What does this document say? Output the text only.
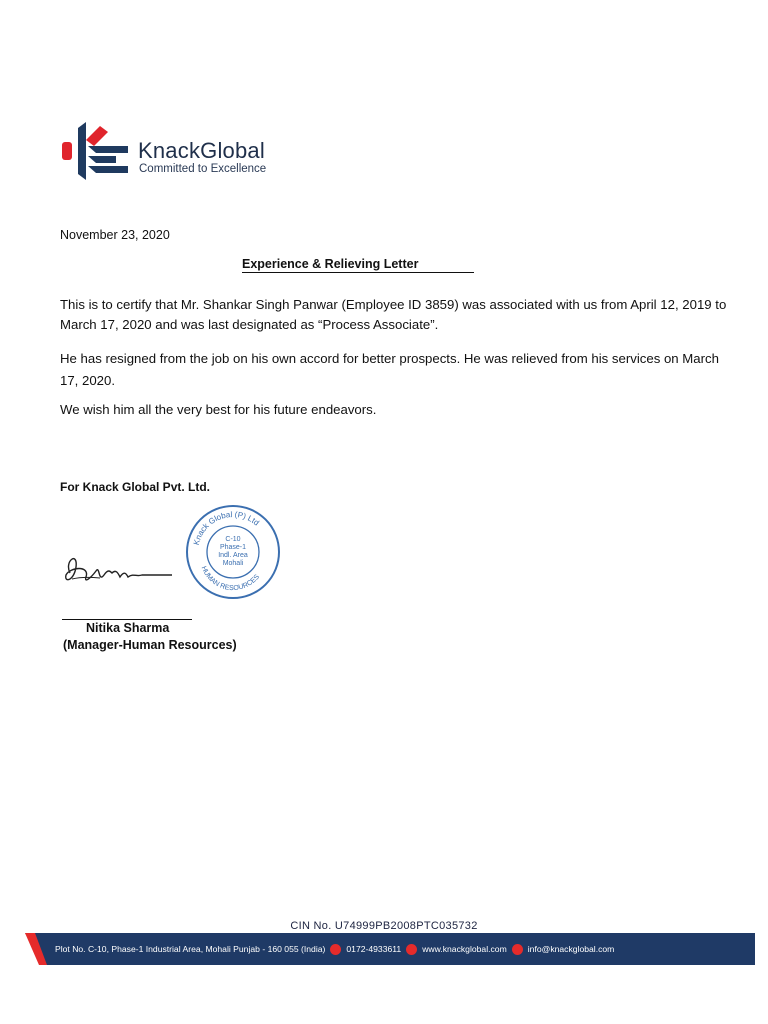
KnackGlobal
Committed to Excellence
November 23, 2020
Experience & Relieving Letter
This is to certify that Mr. Shankar Singh Panwar (Employee ID 3859) was associated with us from April 12, 2019 to March 17, 2020 and was last designated as “Process Associate”.
He has resigned from the job on his own accord for better prospects. He was relieved from his services on March 17, 2020.
We wish him all the very best for his future endeavors.
For Knack Global Pvt. Ltd.
Knack Global (P) Ltd
C-10
Phase-1
Indl. Area
Mohali
HUMAN RESOURCES
Nitika Sharma
(Manager-Human Resources)
CIN No. U74999PB2008PTC035732
Plot No. C-10, Phase-1 Industrial Area, Mohali Punjab - 160 055 (India) 0172-4933611 www.knackglobal.com info@knackglobal.com
